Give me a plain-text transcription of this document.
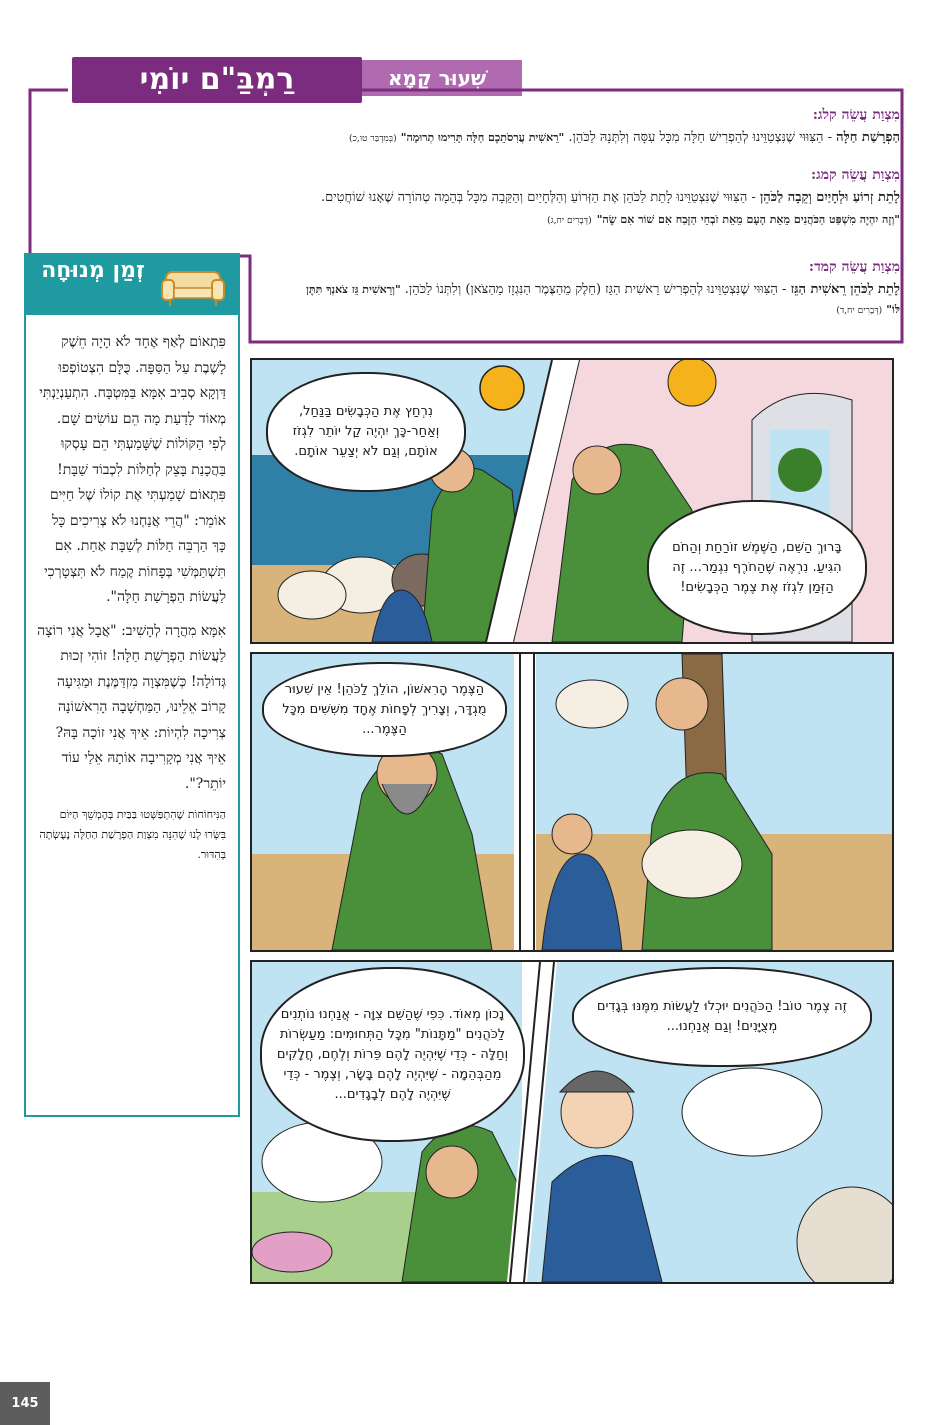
שִׁעוּר קַמָא
רַמְבַּ"ם יוֹמִי
מִצְוַת עֲשֵׂה קלג:
הַפְרָשַׁת חַלָּה - הַצִּוּוּי שֶׁנִּצְטַוֵּינוּ לְהַפְרִישׁ חַלָּה מִכָּל עִסָּה וְלִתְּנָהּ לַכֹּהֵן. "רֵאשִׁית עֲרִסֹתֵכֶם חַלָּה תָּרִימוּ תְרוּמָה" (בְּמִדְבַּר טו,כ)
מִצְוַת עֲשֵׂה קמג:
לָתֵת זְרוֹעַ וּלְחָיַיִם וְקֵבָה לַכֹּהֵן - הַצִּוּוּי שֶׁנִּצְטַוֵּינוּ לָתֵת לַכֹּהֵן אֶת הַזְּרוֹעַ וְהַלְּחָיַיִם וְהַקֵּבָה מִכָּל בְּהֵמָה טְהוֹרָה שֶׁאָנוּ שׁוֹחֲטִים.
"וְזֶה יִהְיֶה מִשְׁפַּט הַכֹּהֲנִים מֵאֵת הָעָם מֵאֵת זֹבְחֵי הַזֶּבַח אִם שׁוֹר אִם שֶׂה" (דְּבָרִים יח,ג)
מִצְוַת עֲשֵׂה קמד:
לָתֵת לַכֹּהֵן רֵאשִׁית הַגֵּז - הַצִּוּוּי שֶׁנִּצְטַוֵּינוּ לְהַפְרִישׁ רֵאשִׁית הַגֵּז (חֵלֶק מֵהַצֶּמֶר הַנִּגְזָז מֵהַצֹּאן) וְלִתְּנוֹ לַכֹּהֵן. "וְרֵאשִׁית גֵּז צֹאנְךָ תִּתֶּן לּוֹ" (דְּבָרִים יח,ד)
זְמַן מְנוּחָה

פִּתְאוֹם לְאַף אֶחָד לֹא הָיָה חֵשֶׁק לָשֶׁבֶת עַל הַסַּפָּה. כֻּלָּם הִצְטוֹפְפוּ דַּוְקָא סְבִיב אִמָּא בַּמִּטְבָּח. הִתְעַנְיַנְתִּי מְאוֹד לָדַעַת מָה הֵם עוֹשִׂים שָׁם. לְפִי הַקּוֹלוֹת שֶׁשָּׁמַעְתִּי הֵם עָסְקוּ בַּהֲכָנַת בָּצֵק לְחַלּוֹת לִכְבוֹד שַׁבָּת! פִּתְאוֹם שָׁמַעְתִּי אֶת קוֹלוֹ שֶׁל חַיִּים אוֹמֵר: "הֲרֵי אֲנַחְנוּ לֹא צְרִיכִים כָּל כָּךְ הַרְבֵּה חַלּוֹת לְשַׁבָּת אַחַת. אִם תִּשְׁתַּמְּשִׁי בְּפָחוֹת קֶמַח לֹא תִּצְטָרְכִי לַעֲשׂוֹת הַפְרָשַׁת חַלָּה".

אִמָּא מִהֲרָה לְהָשִׁיב: "אֲבָל אֲנִי רוֹצָה לַעֲשׂוֹת הַפְרָשַׁת חַלָּה! זוֹהִי זְכוּת גְּדוֹלָה! כְּשֶׁמִּצְוָה מִזְדַּמֶּנֶת וּמַגִּיעָה קָרוֹב אֵלֵינוּ, הַמַּחְשָׁבָה הָרִאשׁוֹנָה צְרִיכָה לִהְיוֹת: אֵיךְ אֲנִי זוֹכָה בָּהּ? אֵיךְ אֲנִי מְקָרִיבָה אוֹתָהּ אֵלַי עוֹד יוֹתֵר?".

הַנִּיחוֹחוֹת שֶׁהִתְפַּשְּׁטוּ בַּבַּיִת בְּהֶמְשֵׁךְ הַיּוֹם בִּשְּׂרוּ לָנוּ שֶׁהִנֵּה מִצְוַת הַפְרָשַׁת הַחַלָּה נֶעֶשְׂתָה בְּהִדּוּר.

נִרְחַץ אֶת הַכְּבָשִׂים בַּנַּחַל, וְאַחַר-כָּךְ יִהְיֶה קַל יוֹתֵר לִגְזֹז אוֹתָם, וְגַם לֹא יְצַעֵר אוֹתָם.
בָּרוּךְ הַשֵּׁם, הַשֶּׁמֶשׁ זוֹרַחַת וְהַחֹם הִגִּיעַ. נִרְאֶה שֶׁהַחֹרֶף נִגְמַר... זֶה הַזְּמַן לִגְזֹז אֶת צֶמֶר הַכְּבָשִׂים!
הַצֶּמֶר הָרִאשׁוֹן, הוֹלֵךְ לַכֹּהֵן! אֵין שִׁעוּר מֻגְדָּר, וְצָרִיךְ לְפָחוֹת אֶחָד מִשִּׁשִּׁים מִכָּל הַצֶּמֶר...
נָכוֹן מְאוֹד. כִּפִי שֶׁהַשֵּׁם צִוָּה - אֲנַחְנוּ נוֹתְנִים לַכֹּהֲנִים "מַתָּנוֹת" מִכָּל הַתְּחוּמִים: מַעַשְׂרוֹת וְחַלָּה - כְּדֵי שֶׁיִּהְיֶה לָהֶם פֵּרוֹת וְלֶחֶם, חֲלָקִים מֵהַבְּהֵמָה - שֶׁיִּהְיֶה לָהֶם בָּשָׂר, וְצֶמֶר - כְּדֵי שֶׁיִּהְיֶה לָהֶם לְבָגָדִים...
זֶה צֶמֶר טוֹב! הַכֹּהֲנִים יוּכְלוּ לַעֲשׂוֹת מִמֶּנּוּ בְּגָדִים מְצֻיָּנִים! וְגַם אֲנַחְנוּ...
145
